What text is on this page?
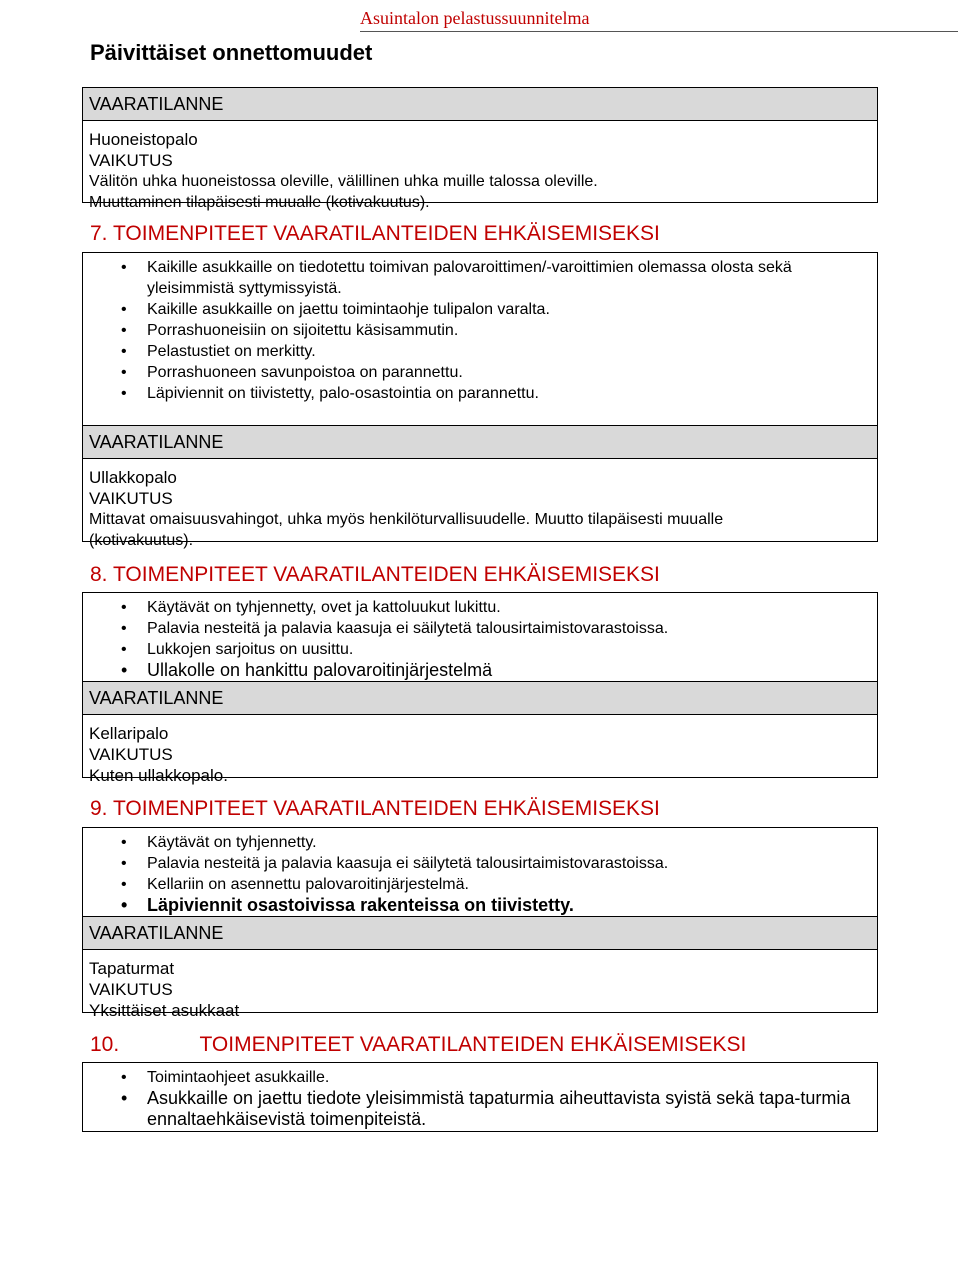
Asuintalon pelastussuunnitelma
Päivittäiset onnettomuudet
VAARATILANNE
Huoneistopalo
VAIKUTUS
Välitön uhka huoneistossa oleville, välillinen uhka muille talossa oleville.
Muuttaminen tilapäisesti muualle (kotivakuutus).
7. TOIMENPITEET VAARATILANTEIDEN EHKÄISEMISEKSI
• Kaikille asukkaille on tiedotettu toimivan palovaroittimen/-varoittimien olemassa olosta sekä yleisimmistä syttymissyistä.
• Kaikille asukkaille on jaettu toimintaohje tulipalon varalta.
• Porrashuoneisiin on sijoitettu käsisammutin.
• Pelastustiet on merkitty.
• Porrashuoneen savunpoistoa on parannettu.
• Läpiviennit on tiivistetty, palo-osastointia on parannettu.
VAARATILANNE
Ullakkopalo
VAIKUTUS
Mittavat omaisuusvahingot, uhka myös henkilöturvallisuudelle. Muutto tilapäisesti muualle
(kotivakuutus).
8. TOIMENPITEET VAARATILANTEIDEN EHKÄISEMISEKSI
• Käytävät on tyhjennetty, ovet ja kattoluukut lukittu.
• Palavia nesteitä ja palavia kaasuja ei säilytetä talousirtaimistovarastoissa.
• Lukkojen sarjoitus on uusittu.
• Ullakolle on hankittu palovaroitinjärjestelmä
VAARATILANNE
Kellaripalo
VAIKUTUS
Kuten ullakkopalo.
9. TOIMENPITEET VAARATILANTEIDEN EHKÄISEMISEKSI
• Käytävät on tyhjennetty.
• Palavia nesteitä ja palavia kaasuja ei säilytetä talousirtaimistovarastoissa.
• Kellariin on asennettu palovaroitinjärjestelmä.
• Läpiviennit osastoivissa rakenteissa on tiivistetty.
VAARATILANNE
Tapaturmat
VAIKUTUS
Yksittäiset asukkaat
10.	TOIMENPITEET VAARATILANTEIDEN EHKÄISEMISEKSI
• Toimintaohjeet asukkaille.
• Asukkaille on jaettu tiedote yleisimmistä tapaturmia aiheuttavista syistä sekä tapa-turmia ennaltaehkäisevistä toimenpiteistä.
